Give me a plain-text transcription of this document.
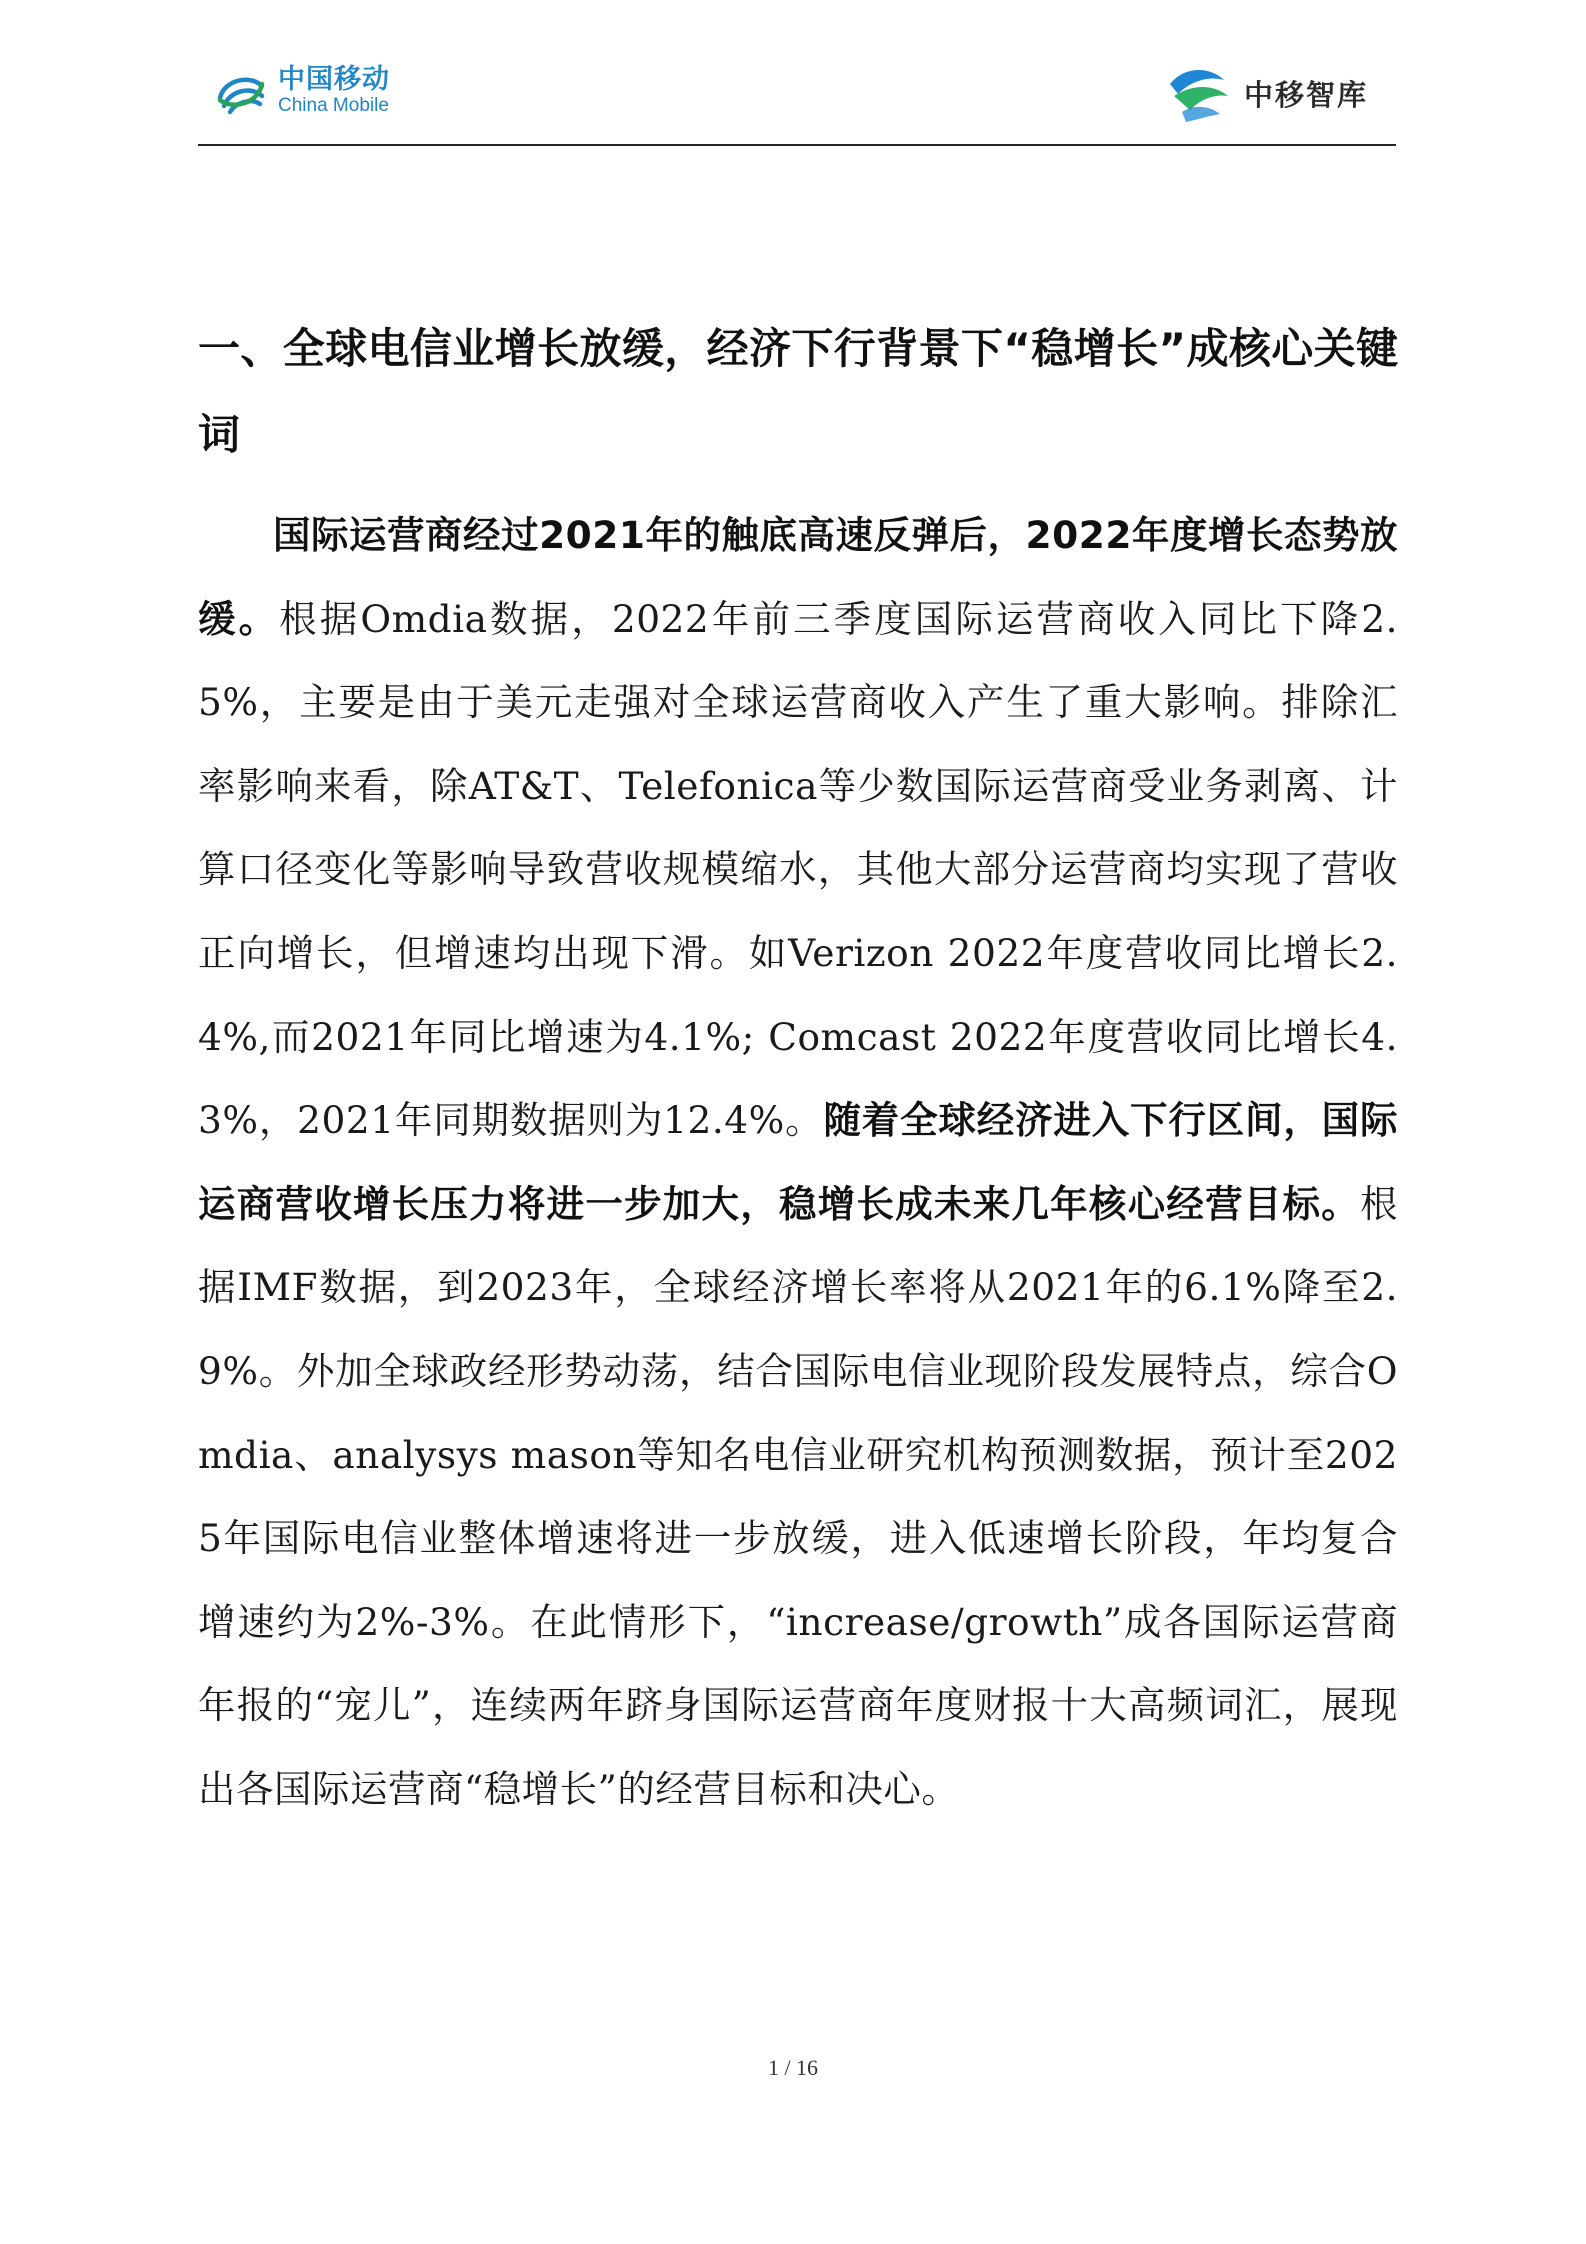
中国移动
China Mobile	中移智库
一、全球电信业增长放缓，经济下行背景下“稳增长”成核心关键词

国际运营商经过2021年的触底高速反弹后，2022年度增长态势放缓。根据Omdia数据，2022年前三季度国际运营商收入同比下降2.5%，主要是由于美元走强对全球运营商收入产生了重大影响。排除汇率影响来看，除AT&T、Telefonica等少数国际运营商受业务剥离、计算口径变化等影响导致营收规模缩水，其他大部分运营商均实现了营收正向增长，但增速均出现下滑。如Verizon 2022年度营收同比增长2.4%,而2021年同比增速为4.1%; Comcast 2022年度营收同比增长4.3%，2021年同期数据则为12.4%。随着全球经济进入下行区间，国际运商营收增长压力将进一步加大，稳增长成未来几年核心经营目标。根据IMF数据，到2023年，全球经济增长率将从2021年的6.1%降至2.9%。外加全球政经形势动荡，结合国际电信业现阶段发展特点，综合Omdia、analysys mason等知名电信业研究机构预测数据，预计至2025年国际电信业整体增速将进一步放缓，进入低速增长阶段，年均复合增速约为2%-3%。在此情形下，“increase/growth”成各国际运营商年报的“宠儿”，连续两年跻身国际运营商年度财报十大高频词汇，展现出各国际运营商“稳增长”的经营目标和决心。

1 / 16
